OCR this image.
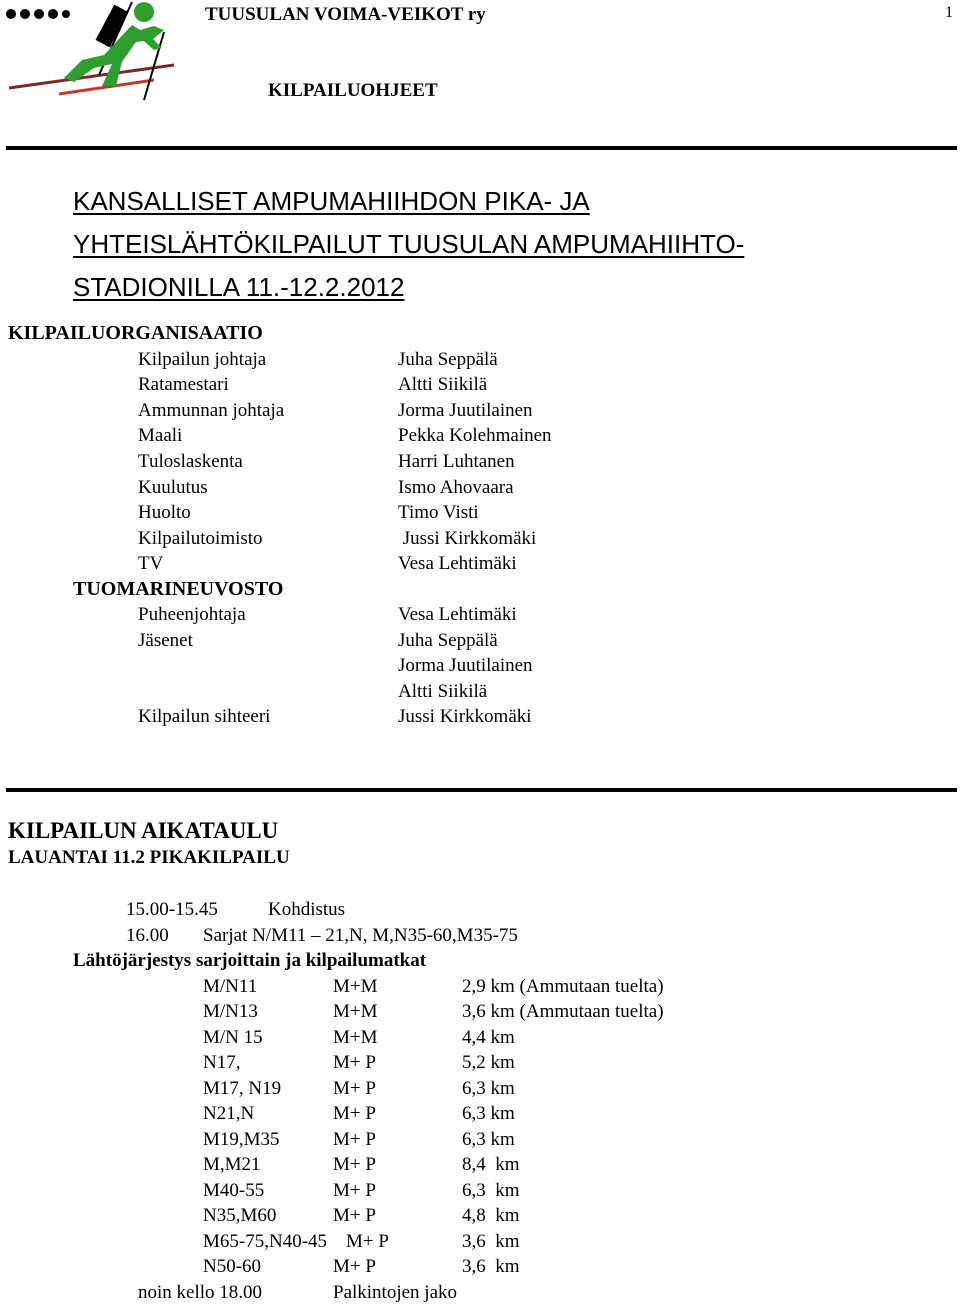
TUUSULAN VOIMA-VEIKOT ry	1
KILPAILUOHJEET
KANSALLISET AMPUMAHIIHDON PIKA- JA
YHTEISLÄHTÖKILPAILUT TUUSULAN AMPUMAHIIHTO-
STADIONILLA 11.-12.2.2012
KILPAILUORGANISAATIO
Kilpailun johtaja	Juha Seppälä
Ratamestari	Altti Siikilä
Ammunnan johtaja	Jorma Juutilainen
Maali	Pekka Kolehmainen
Tuloslaskenta	Harri Luhtanen
Kuulutus	Ismo Ahovaara
Huolto	Timo Visti
Kilpailutoimisto	Jussi Kirkkomäki
TV	Vesa Lehtimäki
TUOMARINEUVOSTO
Puheenjohtaja	Vesa Lehtimäki
Jäsenet	Juha Seppälä
Jorma Juutilainen
Altti Siikilä
Kilpailun sihteeri	Jussi Kirkkomäki
KILPAILUN AIKATAULU
LAUANTAI 11.2 PIKAKILPAILU
15.00-15.45	Kohdistus
16.00 Sarjat N/M11 – 21,N, M,N35-60,M35-75
Lähtöjärjestys sarjoittain ja kilpailumatkat
M/N11	M+M	2,9 km (Ammutaan tuelta)
M/N13	M+M	3,6 km (Ammutaan tuelta)
M/N 15	M+M	4,4 km
N17,	M+ P	5,2 km
M17, N19	M+ P	6,3 km
N21,N	M+ P	6,3 km
M19,M35	M+ P	6,3 km
M,M21	M+ P	8,4  km
M40-55	M+ P	6,3  km
N35,M60	M+ P	4,8  km
M65-75,N40-45 M+ P	3,6  km
N50-60	M+ P	3,6  km
noin kello 18.00	Palkintojen jako
